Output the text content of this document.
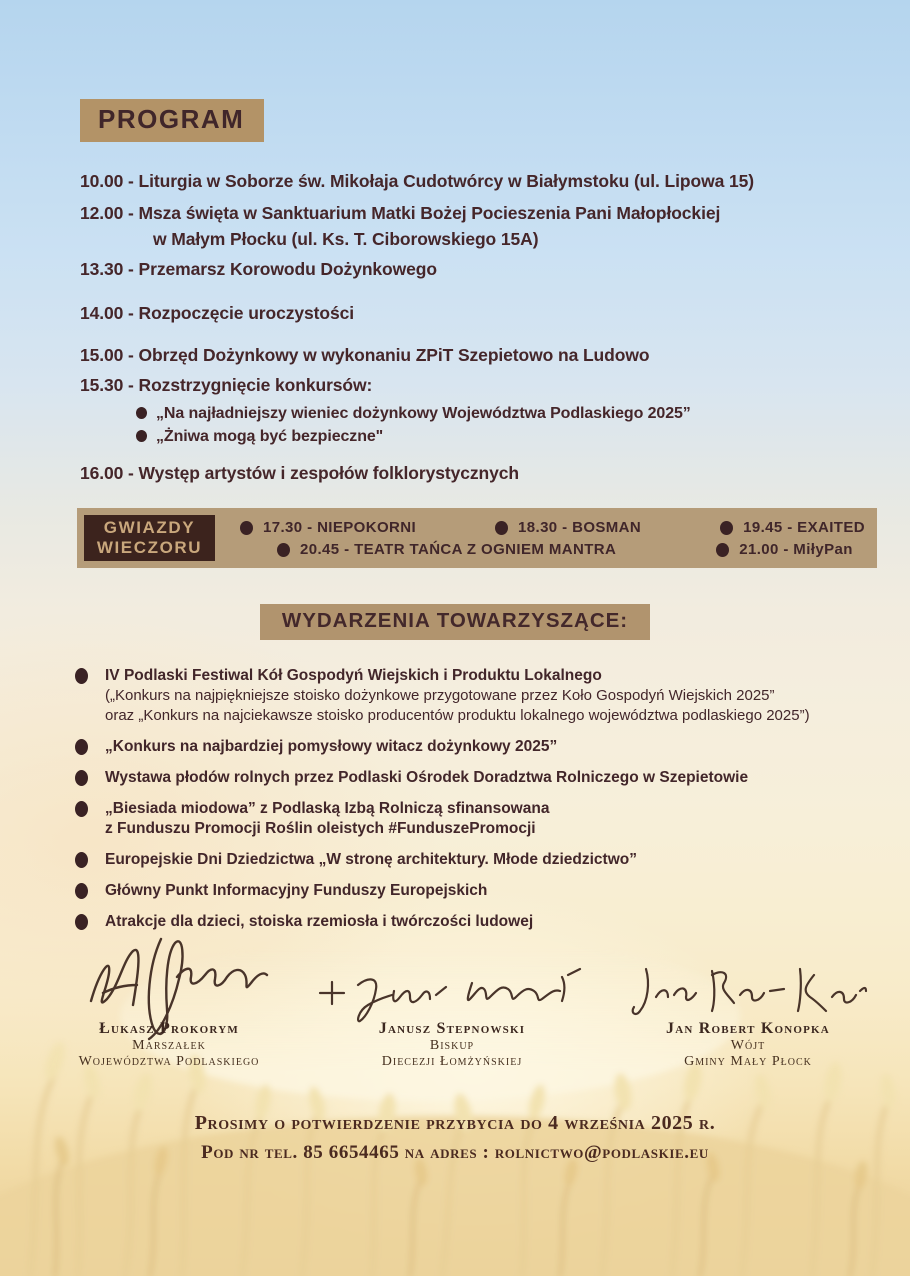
PROGRAM
10.00 - Liturgia w Soborze św. Mikołaja Cudotwórcy w Białymstoku (ul. Lipowa 15)
12.00 - Msza święta w Sanktuarium Matki Bożej Pocieszenia Pani Małopłockiej
w Małym Płocku (ul. Ks. T. Ciborowskiego 15A)
13.30 - Przemarsz Korowodu Dożynkowego
14.00 - Rozpoczęcie uroczystości
15.00 - Obrzęd Dożynkowy w wykonaniu ZPiT Szepietowo na Ludowo
15.30 - Rozstrzygnięcie konkursów:
„Na najładniejszy wieniec dożynkowy Województwa Podlaskiego 2025”
„Żniwa mogą być bezpieczne"
16.00 - Występ artystów i zespołów folklorystycznych
GWIAZDY
WIECZORU
17.30 - NIEPOKORNI	18.30 - BOSMAN	19.45 - EXAITED
20.45 - TEATR TAŃCA Z OGNIEM MANTRA	21.00 - MiłyPan
WYDARZENIA TOWARZYSZĄCE:
IV Podlaski Festiwal Kół Gospodyń Wiejskich i Produktu Lokalnego
(„Konkurs na najpiękniejsze stoisko dożynkowe przygotowane przez Koło Gospodyń Wiejskich 2025”
oraz „Konkurs na najciekawsze stoisko producentów produktu lokalnego województwa podlaskiego 2025”)
„Konkurs na najbardziej pomysłowy witacz dożynkowy 2025”
Wystawa płodów rolnych przez Podlaski Ośrodek Doradztwa Rolniczego w Szepietowie
„Biesiada miodowa” z Podlaską Izbą Rolniczą sfinansowana
z Funduszu Promocji Roślin oleistych #FunduszePromocji
Europejskie Dni Dziedzictwa „W stronę architektury. Młode dziedzictwo”
Główny Punkt Informacyjny Funduszy Europejskich
Atrakcje dla dzieci, stoiska rzemiosła i twórczości ludowej
Łukasz Prokorym
Marszałek
Województwa Podlaskiego
Janusz Stepnowski
Biskup
Diecezji Łomżyńskiej
Jan Robert Konopka
Wójt
Gminy Mały Płock
Prosimy o potwierdzenie przybycia do 4 września 2025 r.
Pod nr tel. 85 6654465 na adres : rolnictwo@podlaskie.eu
